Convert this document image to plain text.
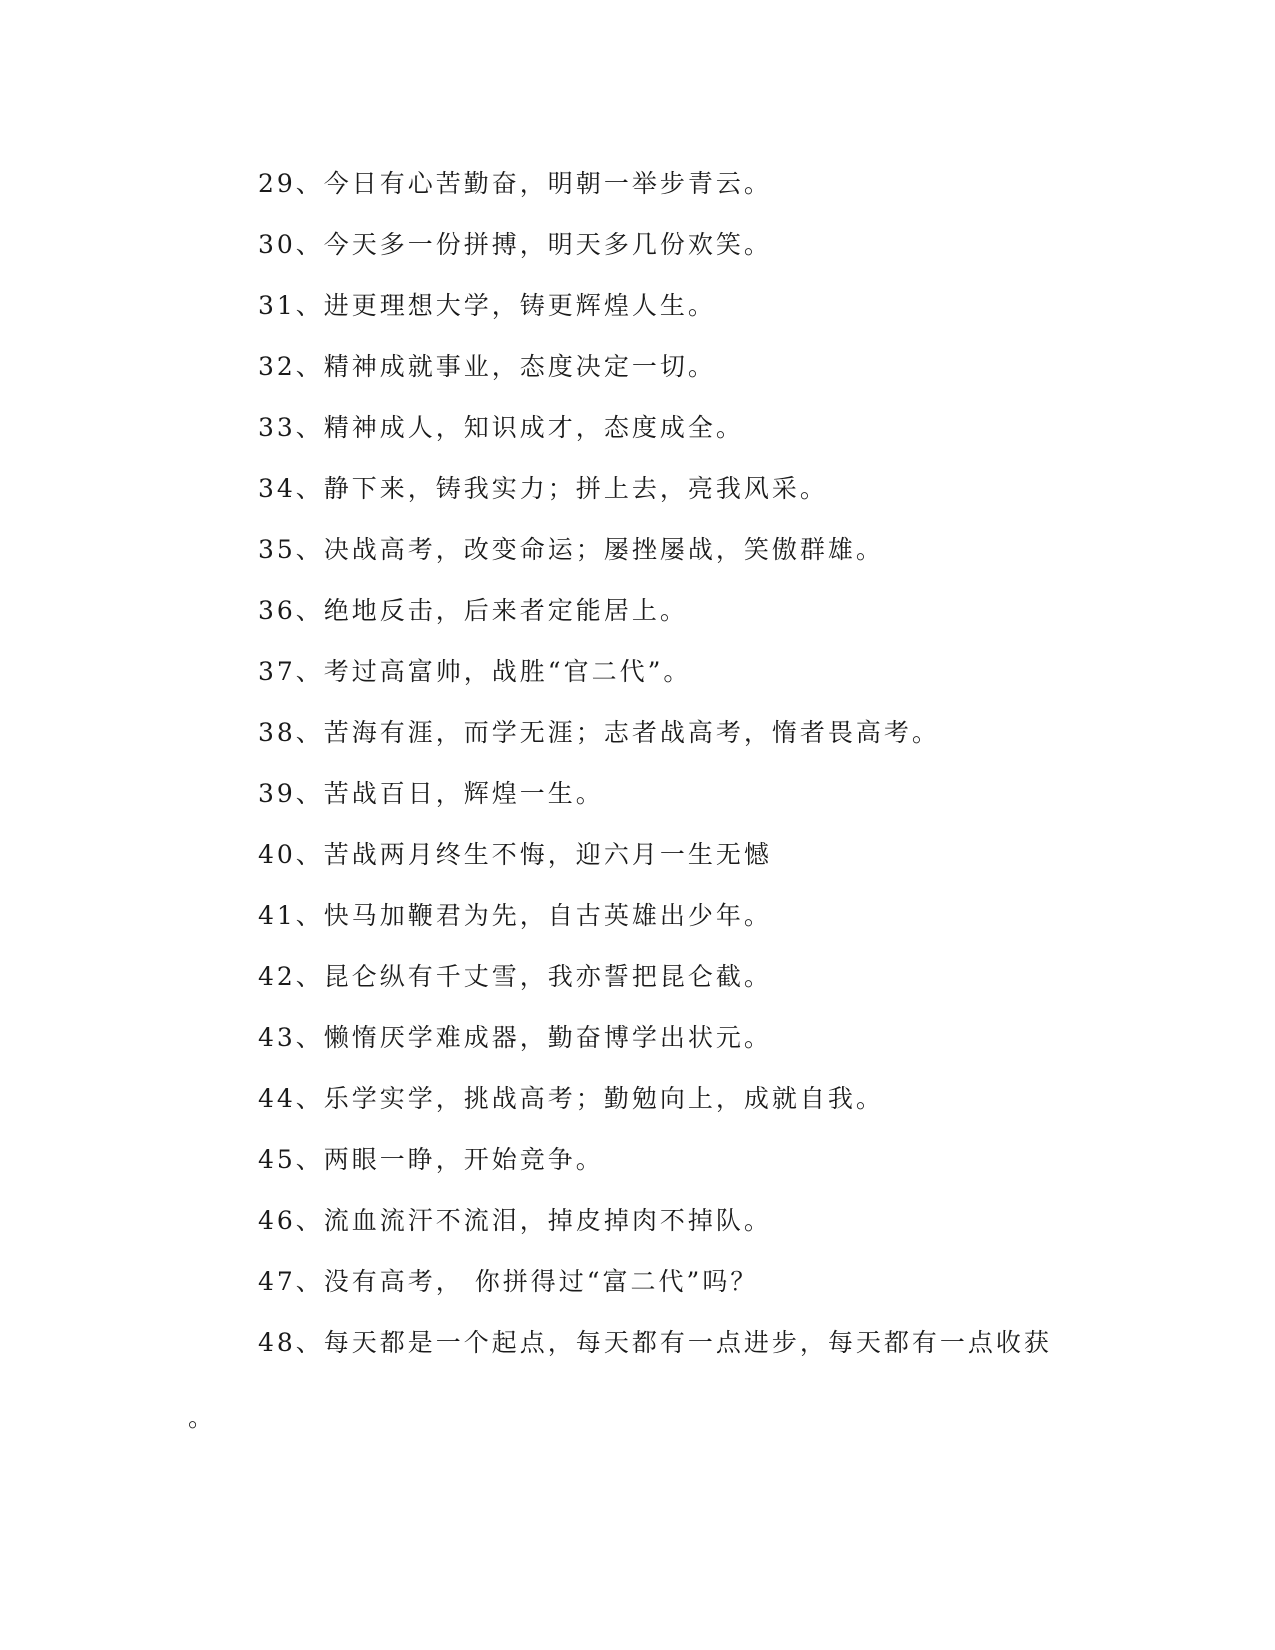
29、今日有心苦勤奋，明朝一举步青云。
30、今天多一份拼搏，明天多几份欢笑。
31、进更理想大学，铸更辉煌人生。
32、精神成就事业，态度决定一切。
33、精神成人，知识成才，态度成全。
34、静下来，铸我实力；拼上去，亮我风采。
35、决战高考，改变命运；屡挫屡战，笑傲群雄。
36、绝地反击，后来者定能居上。
37、考过高富帅，战胜“官二代”。
38、苦海有涯，而学无涯；志者战高考，惰者畏高考。
39、苦战百日，辉煌一生。
40、苦战两月终生不悔，迎六月一生无憾
41、快马加鞭君为先，自古英雄出少年。
42、昆仑纵有千丈雪，我亦誓把昆仑截。
43、懒惰厌学难成器，勤奋博学出状元。
44、乐学实学，挑战高考；勤勉向上，成就自我。
45、两眼一睁，开始竞争。
46、流血流汗不流泪，掉皮掉肉不掉队。
47、没有高考， 你拼得过“富二代”吗？
48、每天都是一个起点，每天都有一点进步，每天都有一点收获
。
